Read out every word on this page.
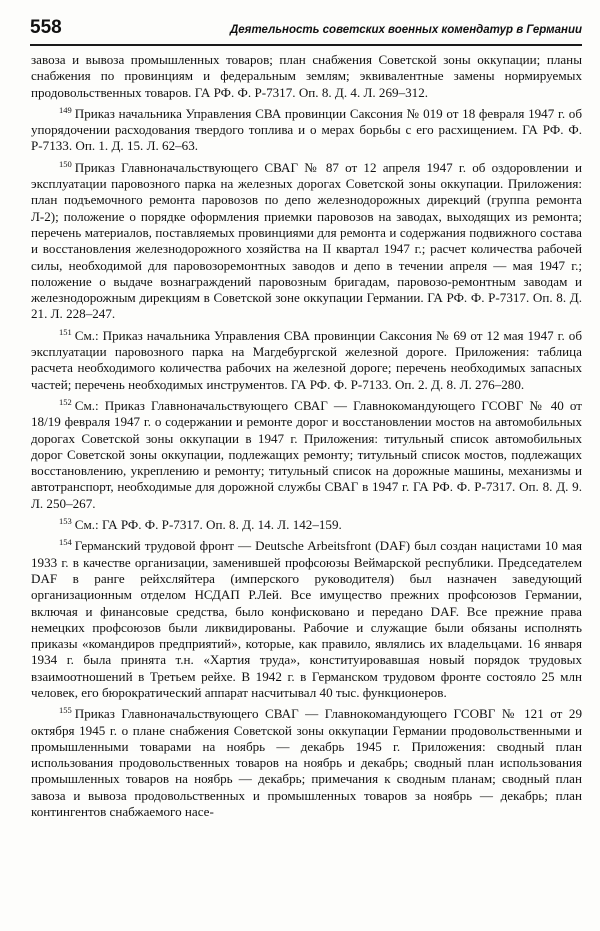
558	Деятельность советских военных комендатур в Германии

завоза и вывоза промышленных товаров; план снабжения Советской зоны оккупации; планы снабжения по провинциям и федеральным землям; эквивалентные замены нормируемых продовольственных товаров. ГА РФ. Ф. Р-7317. Оп. 8. Д. 4. Л. 269–312.

$^{149}$ Приказ начальника Управления СВА провинции Саксония № 019 от 18 февраля 1947 г. об упорядочении расходования твердого топлива и о мерах борьбы с его расхищением. ГА РФ. Ф. Р-7133. Оп. 1. Д. 15. Л. 62–63.

$^{150}$ Приказ Главноначальствующего СВАГ № 87 от 12 апреля 1947 г. об оздоровлении и эксплуатации паровозного парка на железных дорогах Советской зоны оккупации. Приложения: план подъемочного ремонта паровозов по депо железнодорожных дирекций (группа ремонта Л-2); положение о порядке оформления приемки паровозов на заводах, выходящих из ремонта; перечень материалов, поставляемых провинциями для ремонта и содержания подвижного состава и восстановления железнодорожного хозяйства на II квартал 1947 г.; расчет количества рабочей силы, необходимой для паровозоремонтных заводов и депо в течении апреля — мая 1947 г.; положение о выдаче вознаграждений паровозным бригадам, паровозо-ремонтным заводам и железнодорожным дирекциям в Советской зоне оккупации Германии. ГА РФ. Ф. Р-7317. Оп. 8. Д. 21. Л. 228–247.

$^{151}$ См.: Приказ начальника Управления СВА провинции Саксония № 69 от 12 мая 1947 г. об эксплуатации паровозного парка на Магдебургской железной дороге. Приложения: таблица расчета необходимого количества рабочих на железной дороге; перечень необходимых запасных частей; перечень необходимых инструментов. ГА РФ. Ф. Р-7133. Оп. 2. Д. 8. Л. 276–280.

$^{152}$ См.: Приказ Главноначальствующего СВАГ — Главнокомандующего ГСОВГ № 40 от 18/19 февраля 1947 г. о содержании и ремонте дорог и восстановлении мостов на автомобильных дорогах Советской зоны оккупации в 1947 г. Приложения: титульный список автомобильных дорог Советской зоны оккупации, подлежащих ремонту; титульный список мостов, подлежащих восстановлению, укреплению и ремонту; титульный список на дорожные машины, механизмы и автотранспорт, необходимые для дорожной службы СВАГ в 1947 г. ГА РФ. Ф. Р-7317. Оп. 8. Д. 9. Л. 250–267.

$^{153}$ См.: ГА РФ. Ф. Р-7317. Оп. 8. Д. 14. Л. 142–159.

$^{154}$ Германский трудовой фронт — Deutsche Arbeitsfront (DAF) был создан нацистами 10 мая 1933 г. в качестве организации, заменившей профсоюзы Веймарской республики. Председателем DAF в ранге рейхсляйтера (имперского руководителя) был назначен заведующий организационным отделом НСДАП Р.Лей. Все имущество прежних профсоюзов Германии, включая и финансовые средства, было конфисковано и передано DAF. Все прежние права немецких профсоюзов были ликвидированы. Рабочие и служащие были обязаны исполнять приказы «командиров предприятий», которые, как правило, являлись их владельцами. 16 января 1934 г. была принята т.н. «Хартия труда», конституировавшая новый порядок трудовых взаимоотношений в Третьем рейхе. В 1942 г. в Германском трудовом фронте состояло 25 млн человек, его бюрократический аппарат насчитывал 40 тыс. функционеров.

$^{155}$ Приказ Главноначальствующего СВАГ — Главнокомандующего ГСОВГ № 121 от 29 октября 1945 г. о плане снабжения Советской зоны оккупации Германии продовольственными и промышленными товарами на ноябрь — декабрь 1945 г. Приложения: сводный план использования продовольственных товаров на ноябрь и декабрь; сводный план использования промышленных товаров на ноябрь — декабрь; примечания к сводным планам; сводный план завоза и вывоза продовольственных и промышленных товаров за ноябрь — декабрь; план контингентов снабжаемого насе-
